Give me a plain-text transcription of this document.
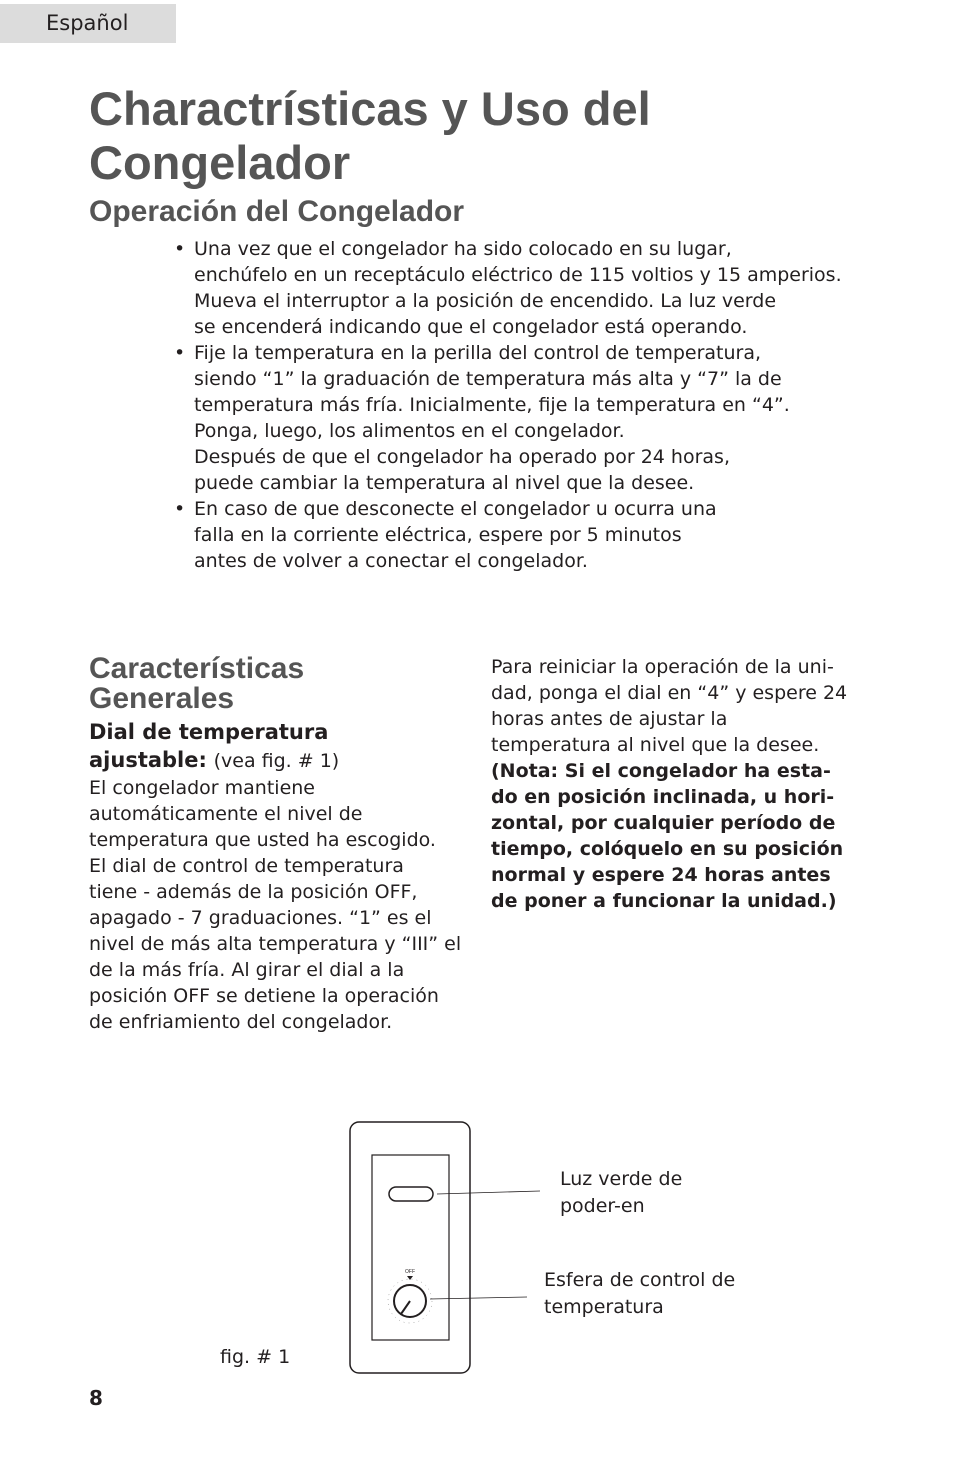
Español
Charactrísticas y Uso del
Congelador
Operación del Congelador
• Una vez que el congelador ha sido colocado en su lugar,
enchúfelo en un receptáculo eléctrico de 115 voltios y 15 amperios.
Mueva el interruptor a la posición de encendido. La luz verde
se encenderá indicando que el congelador está operando.
• Fije la temperatura en la perilla del control de temperatura,
siendo “1” la graduación de temperatura más alta y “7” la de
temperatura más fría. Inicialmente, fije la temperatura en “4”.
Ponga, luego, los alimentos en el congelador.
Después de que el congelador ha operado por 24 horas,
puede cambiar la temperatura al nivel que la desee.
• En caso de que desconecte el congelador u ocurra una
falla en la corriente eléctrica, espere por 5 minutos
antes de volver a conectar el congelador.
Características
Generales
Dial de temperatura
ajustable: (vea fig. # 1)

El congelador mantiene
automáticamente el nivel de
temperatura que usted ha escogido.
El dial de control de temperatura
tiene - además de la posición OFF,
apagado - 7 graduaciones. “1” es el
nivel de más alta temperatura y “III” el
de la más fría. Al girar el dial a la
posición OFF se detiene la operación
de enfriamiento del congelador.

Para reiniciar la operación de la uni-
dad, ponga el dial en “4” y espere 24
horas antes de ajustar la
temperatura al nivel que la desee.

(Nota: Si el congelador ha esta-
do en posición inclinada, u hori-
zontal, por cualquier período de
tiempo, colóquelo en su posición
normal y espere 24 horas antes
de poner a funcionar la unidad.)

OFF

Luz verde de
poder-en

Esfera de control de
temperatura

fig. # 1

8
